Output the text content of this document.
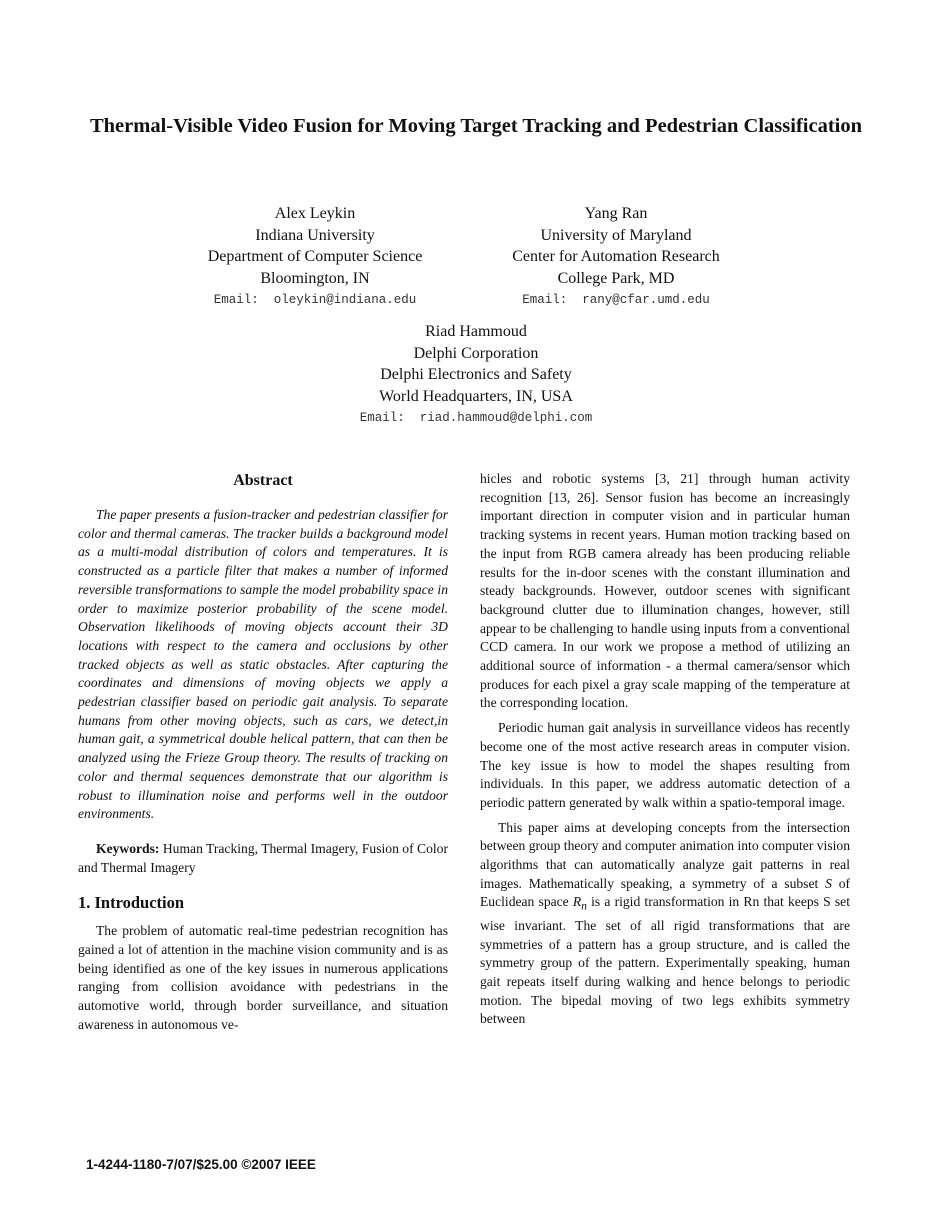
Thermal-Visible Video Fusion for Moving Target Tracking and Pedestrian Classification
Alex Leykin
Indiana University
Department of Computer Science
Bloomington, IN
Email:  oleykin@indiana.edu
Yang Ran
University of Maryland
Center for Automation Research
College Park, MD
Email:  rany@cfar.umd.edu
Riad Hammoud
Delphi Corporation
Delphi Electronics and Safety
World Headquarters, IN, USA
Email:  riad.hammoud@delphi.com
Abstract

The paper presents a fusion-tracker and pedestrian classifier for color and thermal cameras. The tracker builds a background model as a multi-modal distribution of colors and temperatures. It is constructed as a particle filter that makes a number of informed reversible transformations to sample the model probability space in order to maximize posterior probability of the scene model. Observation likelihoods of moving objects account their 3D locations with respect to the camera and occlusions by other tracked objects as well as static obstacles. After capturing the coordinates and dimensions of moving objects we apply a pedestrian classifier based on periodic gait analysis. To separate humans from other moving objects, such as cars, we detect,in human gait, a symmetrical double helical pattern, that can then be analyzed using the Frieze Group theory. The results of tracking on color and thermal sequences demonstrate that our algorithm is robust to illumination noise and performs well in the outdoor environments.

Keywords: Human Tracking, Thermal Imagery, Fusion of Color and Thermal Imagery

1. Introduction

The problem of automatic real-time pedestrian recognition has gained a lot of attention in the machine vision community and is as being identified as one of the key issues in numerous applications ranging from collision avoidance with pedestrians in the automotive world, through border surveillance, and situation awareness in autonomous ve-

hicles and robotic systems [3, 21] through human activity recognition [13, 26]. Sensor fusion has become an increasingly important direction in computer vision and in particular human tracking systems in recent years. Human motion tracking based on the input from RGB camera already has been producing reliable results for the in-door scenes with the constant illumination and steady backgrounds. However, outdoor scenes with significant background clutter due to illumination changes, however, still appear to be challenging to handle using inputs from a conventional CCD camera. In our work we propose a method of utilizing an additional source of information - a thermal camera/sensor which produces for each pixel a gray scale mapping of the temperature at the corresponding location.

Periodic human gait analysis in surveillance videos has recently become one of the most active research areas in computer vision. The key issue is how to model the shapes resulting from individuals. In this paper, we address automatic detection of a periodic pattern generated by walk within a spatio-temporal image.

This paper aims at developing concepts from the intersection between group theory and computer animation into computer vision algorithms that can automatically analyze gait patterns in real images. Mathematically speaking, a symmetry of a subset S of Euclidean space $R_n$ is a rigid transformation in Rn that keeps S set wise invariant. The set of all rigid transformations that are symmetries of a pattern has a group structure, and is called the symmetry group of the pattern. Experimentally speaking, human gait repeats itself during walking and hence belongs to periodic motion. The bipedal moving of two legs exhibits symmetry between

1-4244-1180-7/07/$25.00 ©2007 IEEE
